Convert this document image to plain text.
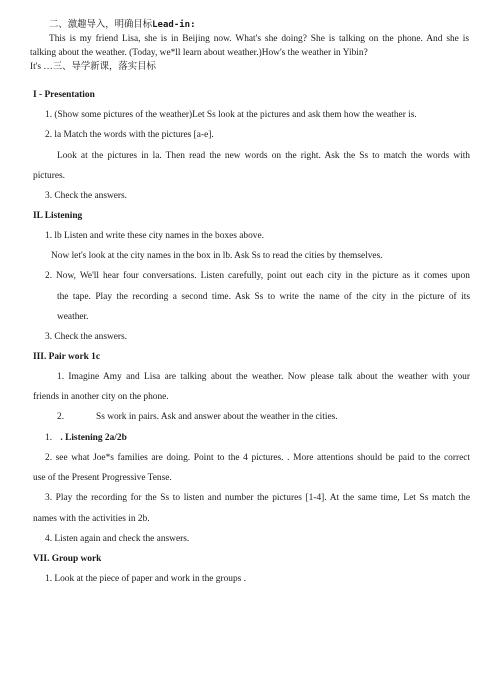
二、激趣导入，明确目标Lead-in:
This is my friend Lisa, she is in Beijing now. What's she doing? She is talking on the phone. And she is
talking about the weather. (Today, we*ll learn about weather.)How's the weather in Yibin?
It's …三、导学新课，落实目标
I - Presentation
1. (Show some pictures of the weather)Let Ss look at the pictures and ask them how the weather is.
2. la Match the words with the pictures [a-e].
Look at the pictures in la. Then read the new words on the right. Ask the Ss to match the words with
pictures.
3. Check the answers.
IL Listening
1. lb Listen and write these city names in the boxes above.
Now let's look at the city names in the box in lb. Ask Ss to read the cities by themselves.
2. Now, We'll hear four conversations. Listen carefully, point out each city in the picture as it comes upon
the tape. Play the recording a second time. Ask Ss to write the name of the city in the picture of its
weather.
3. Check the answers.
III. Pair work 1c
1. Imagine Amy and Lisa are talking about the weather. Now please talk about the weather with your
friends in another city on the phone.
2.	Ss work in pairs. Ask and answer about the weather in the cities.
1. . Listening 2a/2b
2. see what Joe*s families are doing. Point to the 4 pictures. . More attentions should be paid to the correct
use of the Present Progressive Tense.
3. Play the recording for the Ss to listen and number the pictures [1-4]. At the same time, Let Ss match the
names with the activities in 2b.
4. Listen again and check the answers.
VII. Group work
1. Look at the piece of paper and work in the groups .
